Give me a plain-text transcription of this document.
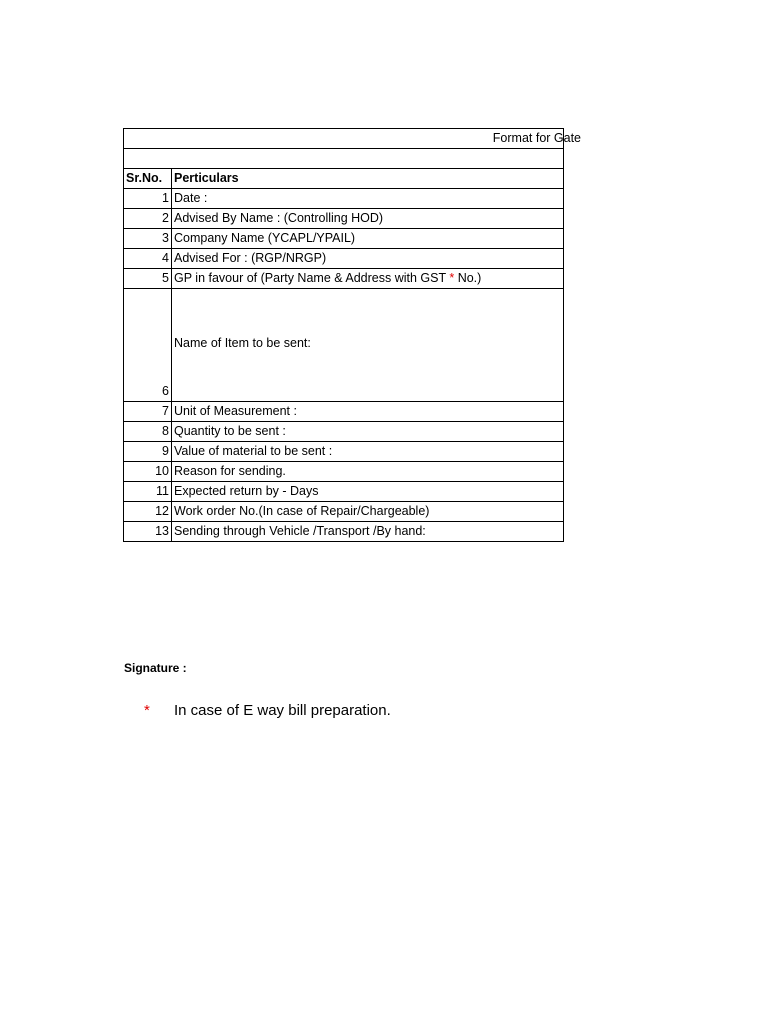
Format for Gate	

Sr.No.	Perticulars
1	Date :
2	Advised By Name : (Controlling HOD)
3	Company Name (YCAPL/YPAIL)
4	Advised For : (RGP/NRGP)
5	GP in favour of (Party Name & Address with GST * No.)
6	Name of Item to be sent:

7	Unit of Measurement :
8	Quantity to be sent :
9	Value of material to be sent :
10	Reason for sending.
11	Expected return by - Days
12	Work order No.(In case of Repair/Chargeable)
13	Sending through Vehicle /Transport /By hand:
Signature :
* In case of E way bill preparation.
